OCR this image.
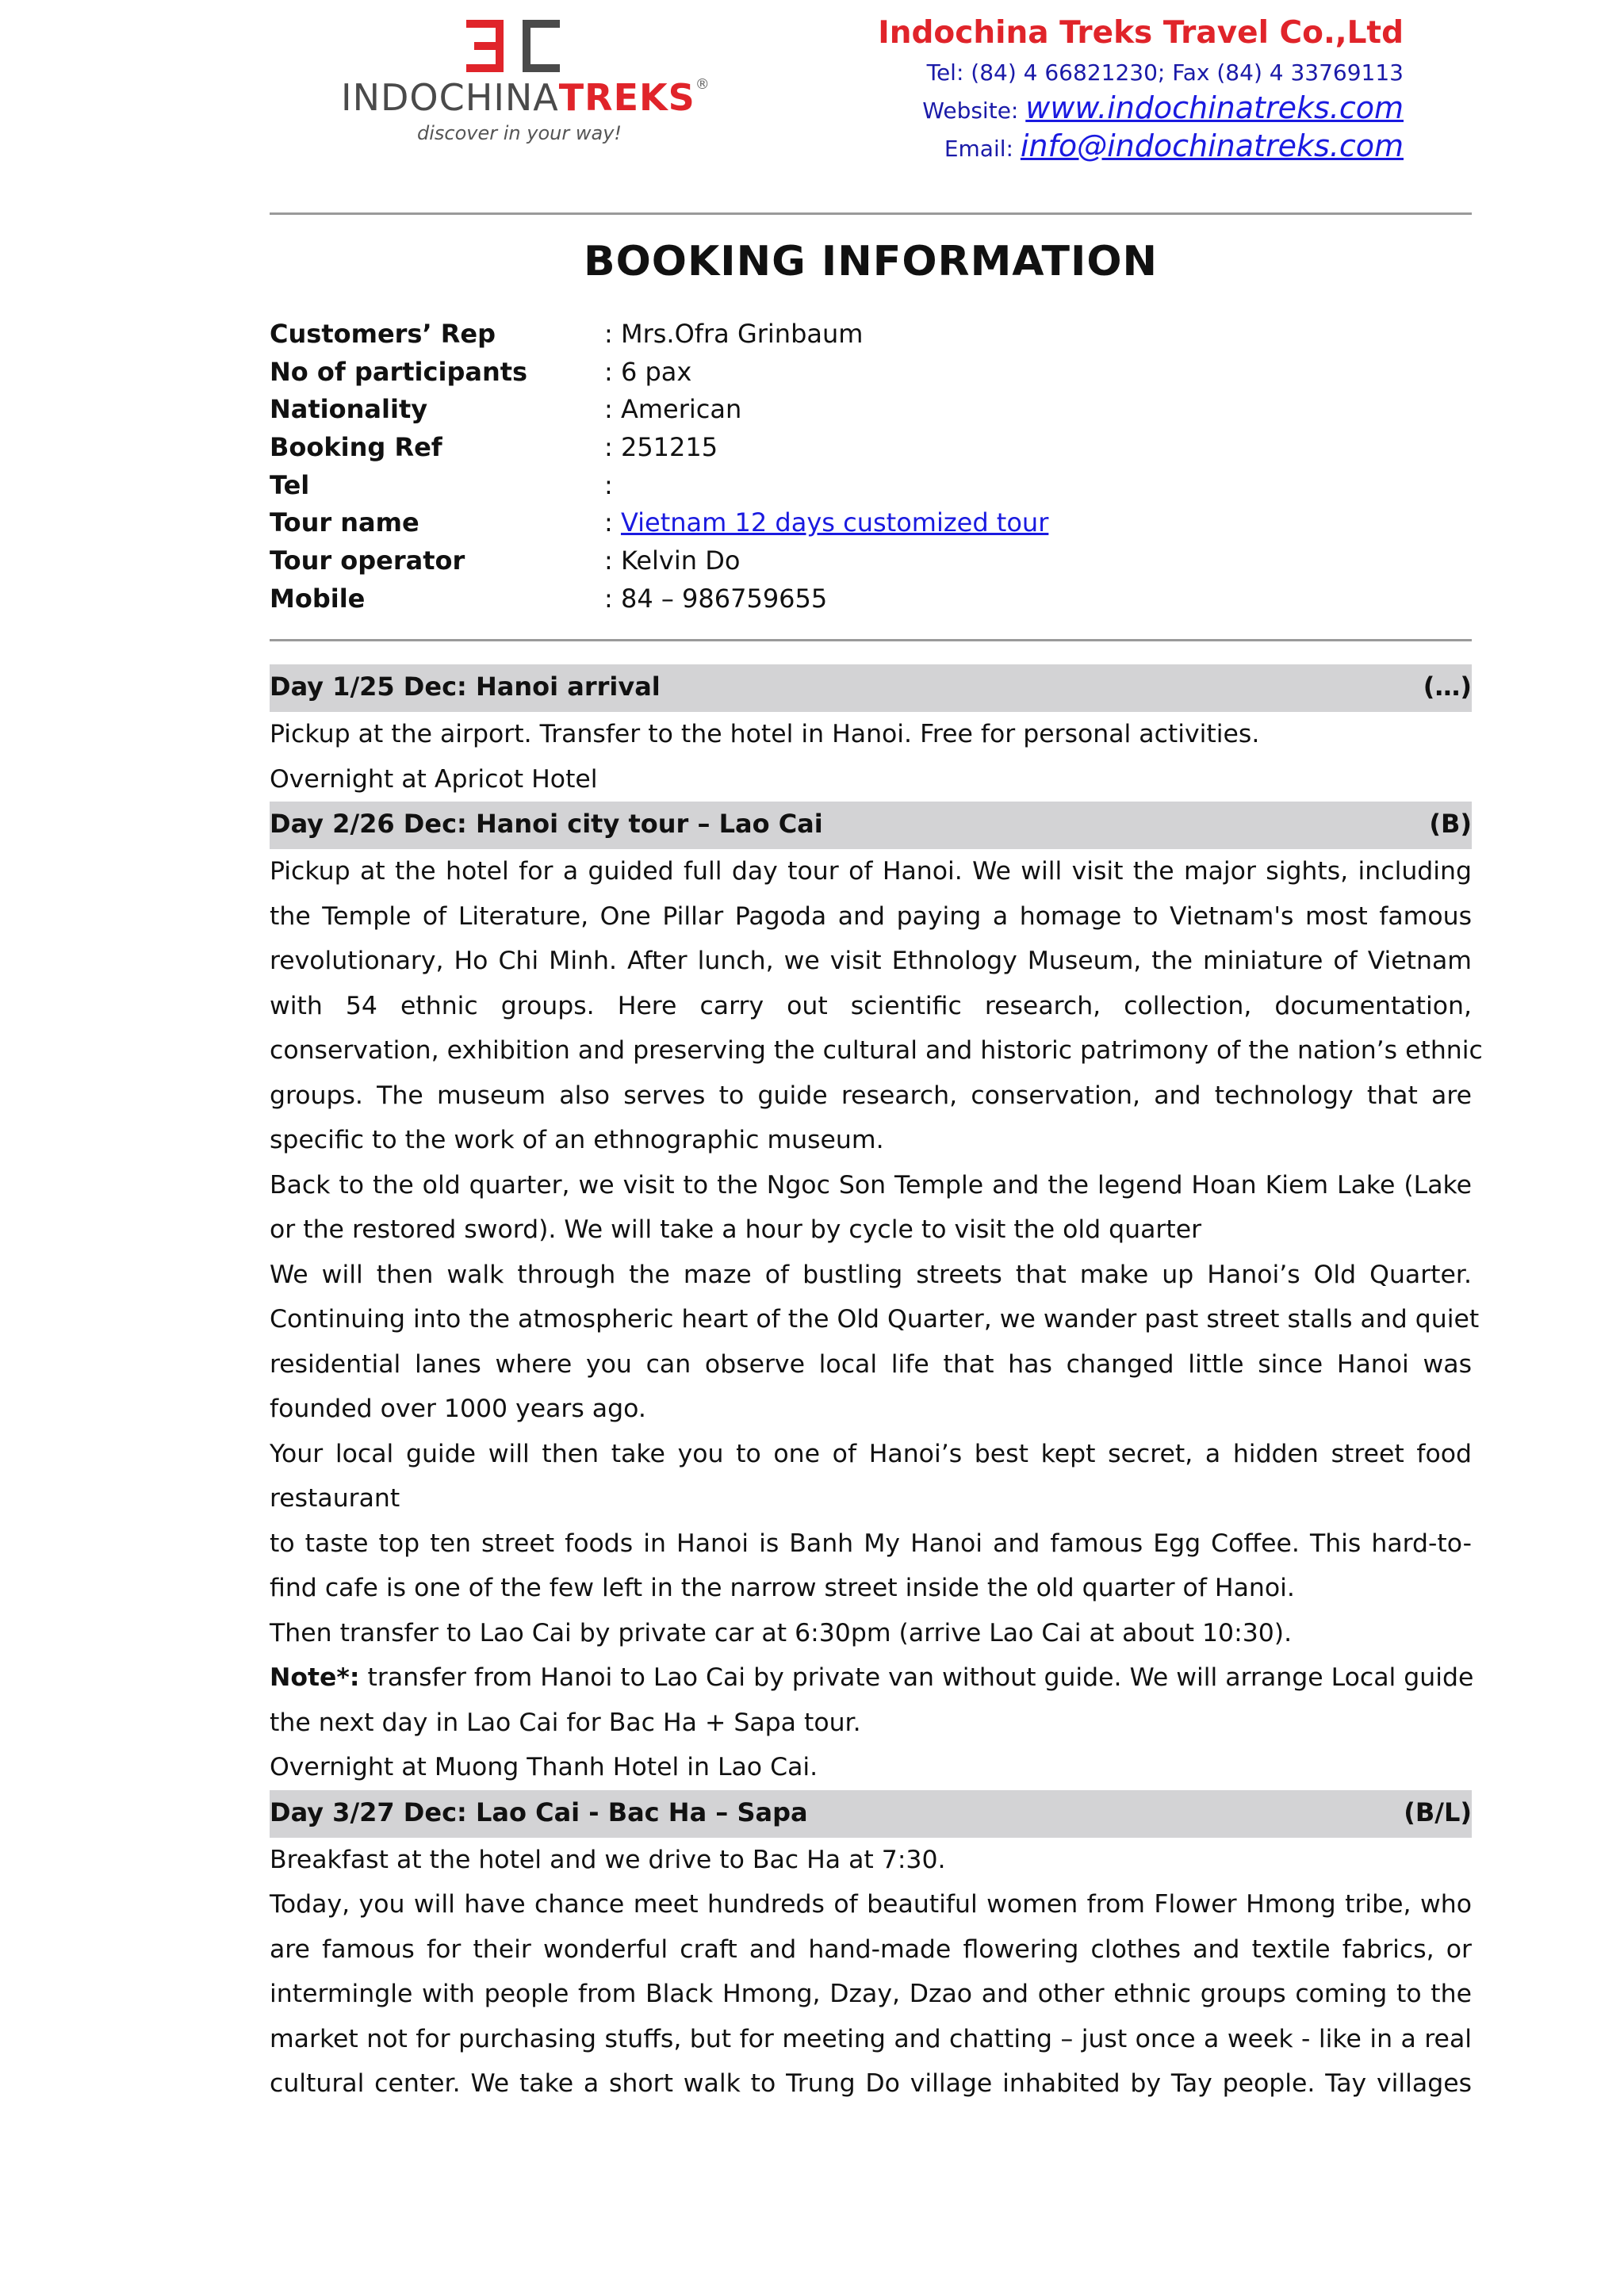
INDOCHINATREKS®
discover in your way!
Indochina Treks Travel Co.,Ltd
Tel: (84) 4 66821230; Fax (84) 4 33769113
Website: www.indochinatreks.com
Email: info@indochinatreks.com
BOOKING INFORMATION
Customers’ Rep	: Mrs.Ofra Grinbaum
No of participants	: 6 pax
Nationality	: American
Booking Ref	: 251215
Tel	:
Tour name	: Vietnam 12 days customized tour
Tour operator	: Kelvin Do
Mobile	: 84 – 986759655
Day 1/25 Dec: Hanoi arrival	(…)
Pickup at the airport. Transfer to the hotel in Hanoi. Free for personal activities.
Overnight at Apricot Hotel
Day 2/26 Dec: Hanoi city tour – Lao Cai	(B)
Pickup at the hotel for a guided full day tour of Hanoi. We will visit the major sights, including
the Temple of Literature, One Pillar Pagoda and paying a homage to Vietnam's most famous
revolutionary, Ho Chi Minh. After lunch, we visit Ethnology Museum, the miniature of Vietnam
with 54 ethnic groups. Here carry out scientific research, collection, documentation,
conservation, exhibition and preserving the cultural and historic patrimony of the nation’s ethnic
groups. The museum also serves to guide research, conservation, and technology that are
specific to the work of an ethnographic museum.
Back to the old quarter, we visit to the Ngoc Son Temple and the legend Hoan Kiem Lake (Lake
or the restored sword). We will take a hour by cycle to visit the old quarter
We will then walk through the maze of bustling streets that make up Hanoi’s Old Quarter.
Continuing into the atmospheric heart of the Old Quarter, we wander past street stalls and quiet
residential lanes where you can observe local life that has changed little since Hanoi was
founded over 1000 years ago.
Your local guide will then take you to one of Hanoi’s best kept secret, a hidden street food
restaurant
to taste top ten street foods in Hanoi is Banh My Hanoi and famous Egg Coffee. This hard-to-
find cafe is one of the few left in the narrow street inside the old quarter of Hanoi.
Then transfer to Lao Cai by private car at 6:30pm (arrive Lao Cai at about 10:30).
Note*: transfer from Hanoi to Lao Cai by private van without guide. We will arrange Local guide
the next day in Lao Cai for Bac Ha + Sapa tour.
Overnight at Muong Thanh Hotel in Lao Cai.
Day 3/27 Dec: Lao Cai - Bac Ha – Sapa	(B/L)
Breakfast at the hotel and we drive to Bac Ha at 7:30.
Today, you will have chance meet hundreds of beautiful women from Flower Hmong tribe, who
are famous for their wonderful craft and hand-made flowering clothes and textile fabrics, or
intermingle with people from Black Hmong, Dzay, Dzao and other ethnic groups coming to the
market not for purchasing stuffs, but for meeting and chatting – just once a week - like in a real
cultural center. We take a short walk to Trung Do village inhabited by Tay people. Tay villages
